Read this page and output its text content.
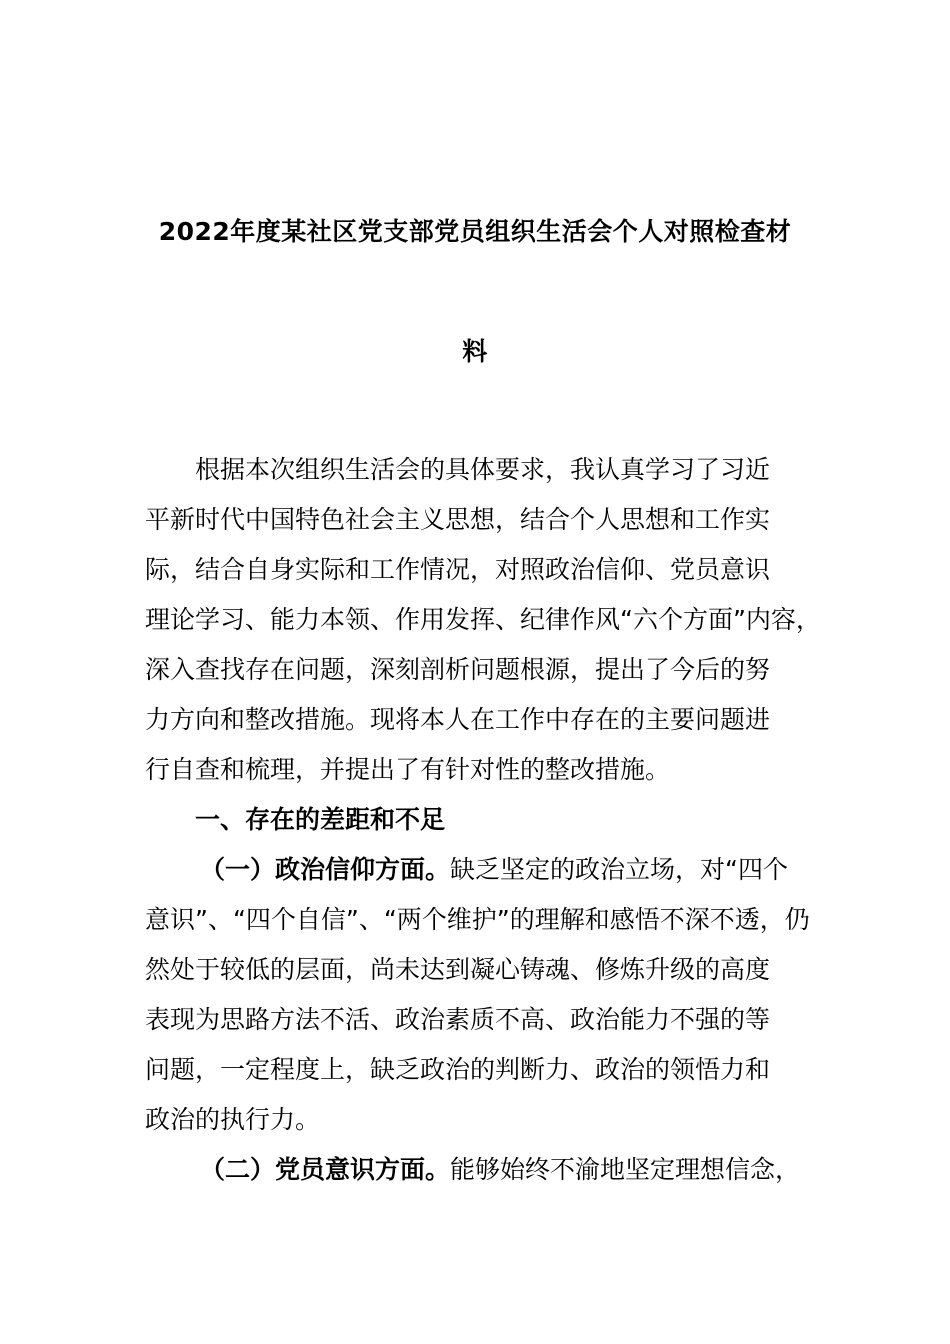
2022年度某社区党支部党员组织生活会个人对照检查材
料
根据本次组织生活会的具体要求，我认真学习了习近
平新时代中国特色社会主义思想，结合个人思想和工作实
际，结合自身实际和工作情况，对照政治信仰、党员意识
理论学习、能力本领、作用发挥、纪律作风“六个方面”内容，
深入查找存在问题，深刻剖析问题根源，提出了今后的努
力方向和整改措施。现将本人在工作中存在的主要问题进
行自查和梳理，并提出了有针对性的整改措施。
一、存在的差距和不足
（一）政治信仰方面。缺乏坚定的政治立场，对“四个
意识”、“四个自信”、“两个维护”的理解和感悟不深不透，仍
然处于较低的层面，尚未达到凝心铸魂、修炼升级的高度
表现为思路方法不活、政治素质不高、政治能力不强的等
问题，一定程度上，缺乏政治的判断力、政治的领悟力和
政治的执行力。
（二）党员意识方面。能够始终不渝地坚定理想信念，
